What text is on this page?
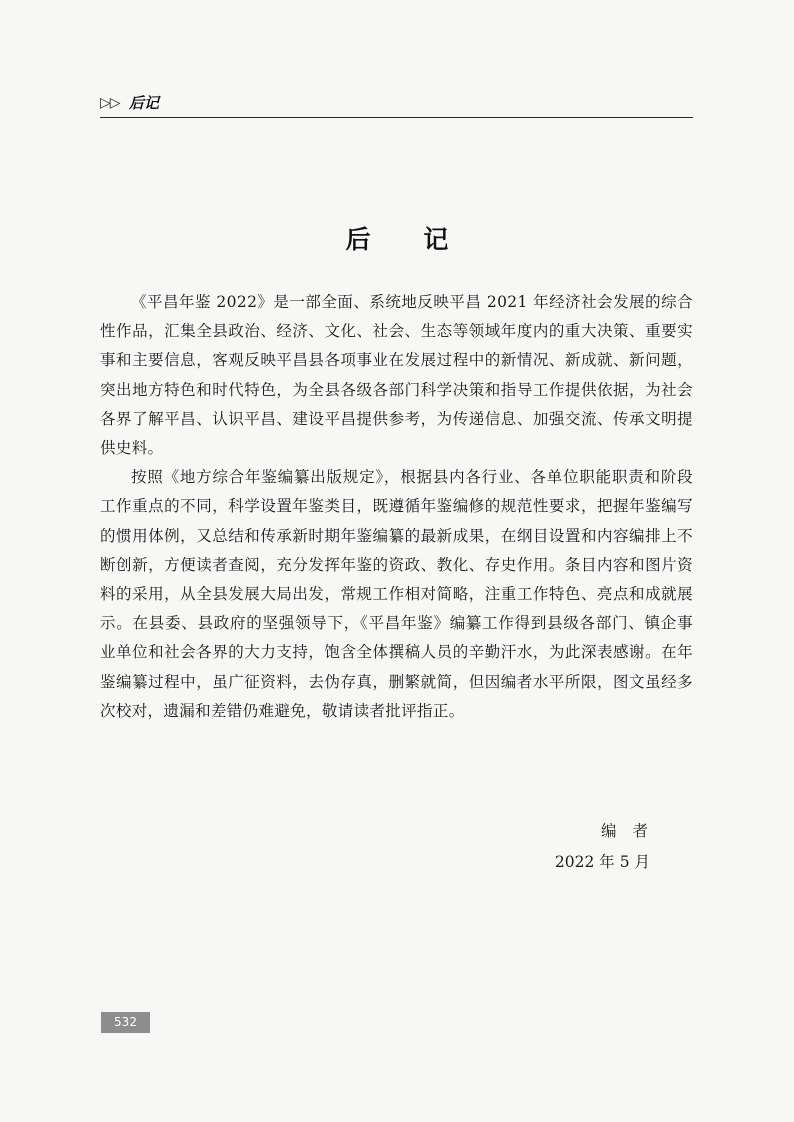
▷▷ 后记
后 记

《平昌年鉴 2022》是一部全面、系统地反映平昌 2021 年经济社会发展的综合性作品，汇集全县政治、经济、文化、社会、生态等领域年度内的重大决策、重要实事和主要信息，客观反映平昌县各项事业在发展过程中的新情况、新成就、新问题，突出地方特色和时代特色，为全县各级各部门科学决策和指导工作提供依据，为社会各界了解平昌、认识平昌、建设平昌提供参考，为传递信息、加强交流、传承文明提供史料。

按照《地方综合年鉴编纂出版规定》，根据县内各行业、各单位职能职责和阶段工作重点的不同，科学设置年鉴类目，既遵循年鉴编修的规范性要求，把握年鉴编写的惯用体例，又总结和传承新时期年鉴编纂的最新成果，在纲目设置和内容编排上不断创新，方便读者查阅，充分发挥年鉴的资政、教化、存史作用。条目内容和图片资料的采用，从全县发展大局出发，常规工作相对简略，注重工作特色、亮点和成就展示。在县委、县政府的坚强领导下，《平昌年鉴》编纂工作得到县级各部门、镇企事业单位和社会各界的大力支持，饱含全体撰稿人员的辛勤汗水，为此深表感谢。在年鉴编纂过程中，虽广征资料，去伪存真，删繁就简，但因编者水平所限，图文虽经多次校对，遗漏和差错仍难避免，敬请读者批评指正。

编者
2022 年 5 月
532
